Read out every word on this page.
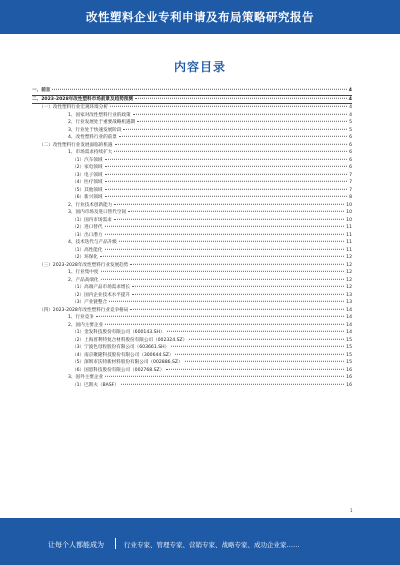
改性塑料企业专利申请及布局策略研究报告
内容目录
一、前言	4
二、2023-2028年改性塑料市场前景及趋势预测	4
（一）改性塑料行业宏观环境分析	4
1、国家对改性塑料行业的政策	4
2、行业发展处于重要战略机遇期	5
3、行业处于快速发展阶段	5
4、改性塑料行业的前景	6
（二）改性塑料行业发展面临的机遇	6
1、市场需求持续扩大	6
（1）汽车领域	6
（2）家电领域	6
（3）电子领域	7
（4）医疗领域	7
（5）其他领域	7
（6）新兴领域	8
2、行业技术创新能力	10
3、国内市场及进口替代空间	10
（1）国内市场需求	10
（2）进口替代	11
（3）出口潜力	11
4、技术迭代与产品升级	11
（1）高性能化	11
（2）环保化	12
（三）2023-2028年改性塑料行业发展趋势	12
1、行业集中度	12
2、产品高端化	12
（1）高端产品市场需求增长	12
（2）国内企业技术水平提升	13
（3）产业链整合	13
（四）2023-2028年改性塑料行业竞争格局	14
1、行业竞争	14
2、国内主要企业	14
（1）金发科技股份有限公司（600143.SH）	14
（2）上海普利特复合材料股份有限公司（002324.SZ）	15
（3）宁波色母粒股份有限公司（603661.SH）	15
（4）南京聚隆科技股份有限公司（300644.SZ）	15
（5）深圳市沃特新材料股份有限公司（002886.SZ）	15
（6）国恩科技股份有限公司（002768.SZ）	16
3、国外主要企业	16
（1）巴斯夫（BASF）	16
1
让每个人都能成为	行业专家、管理专家、营销专家、战略专家、成功企业家……
